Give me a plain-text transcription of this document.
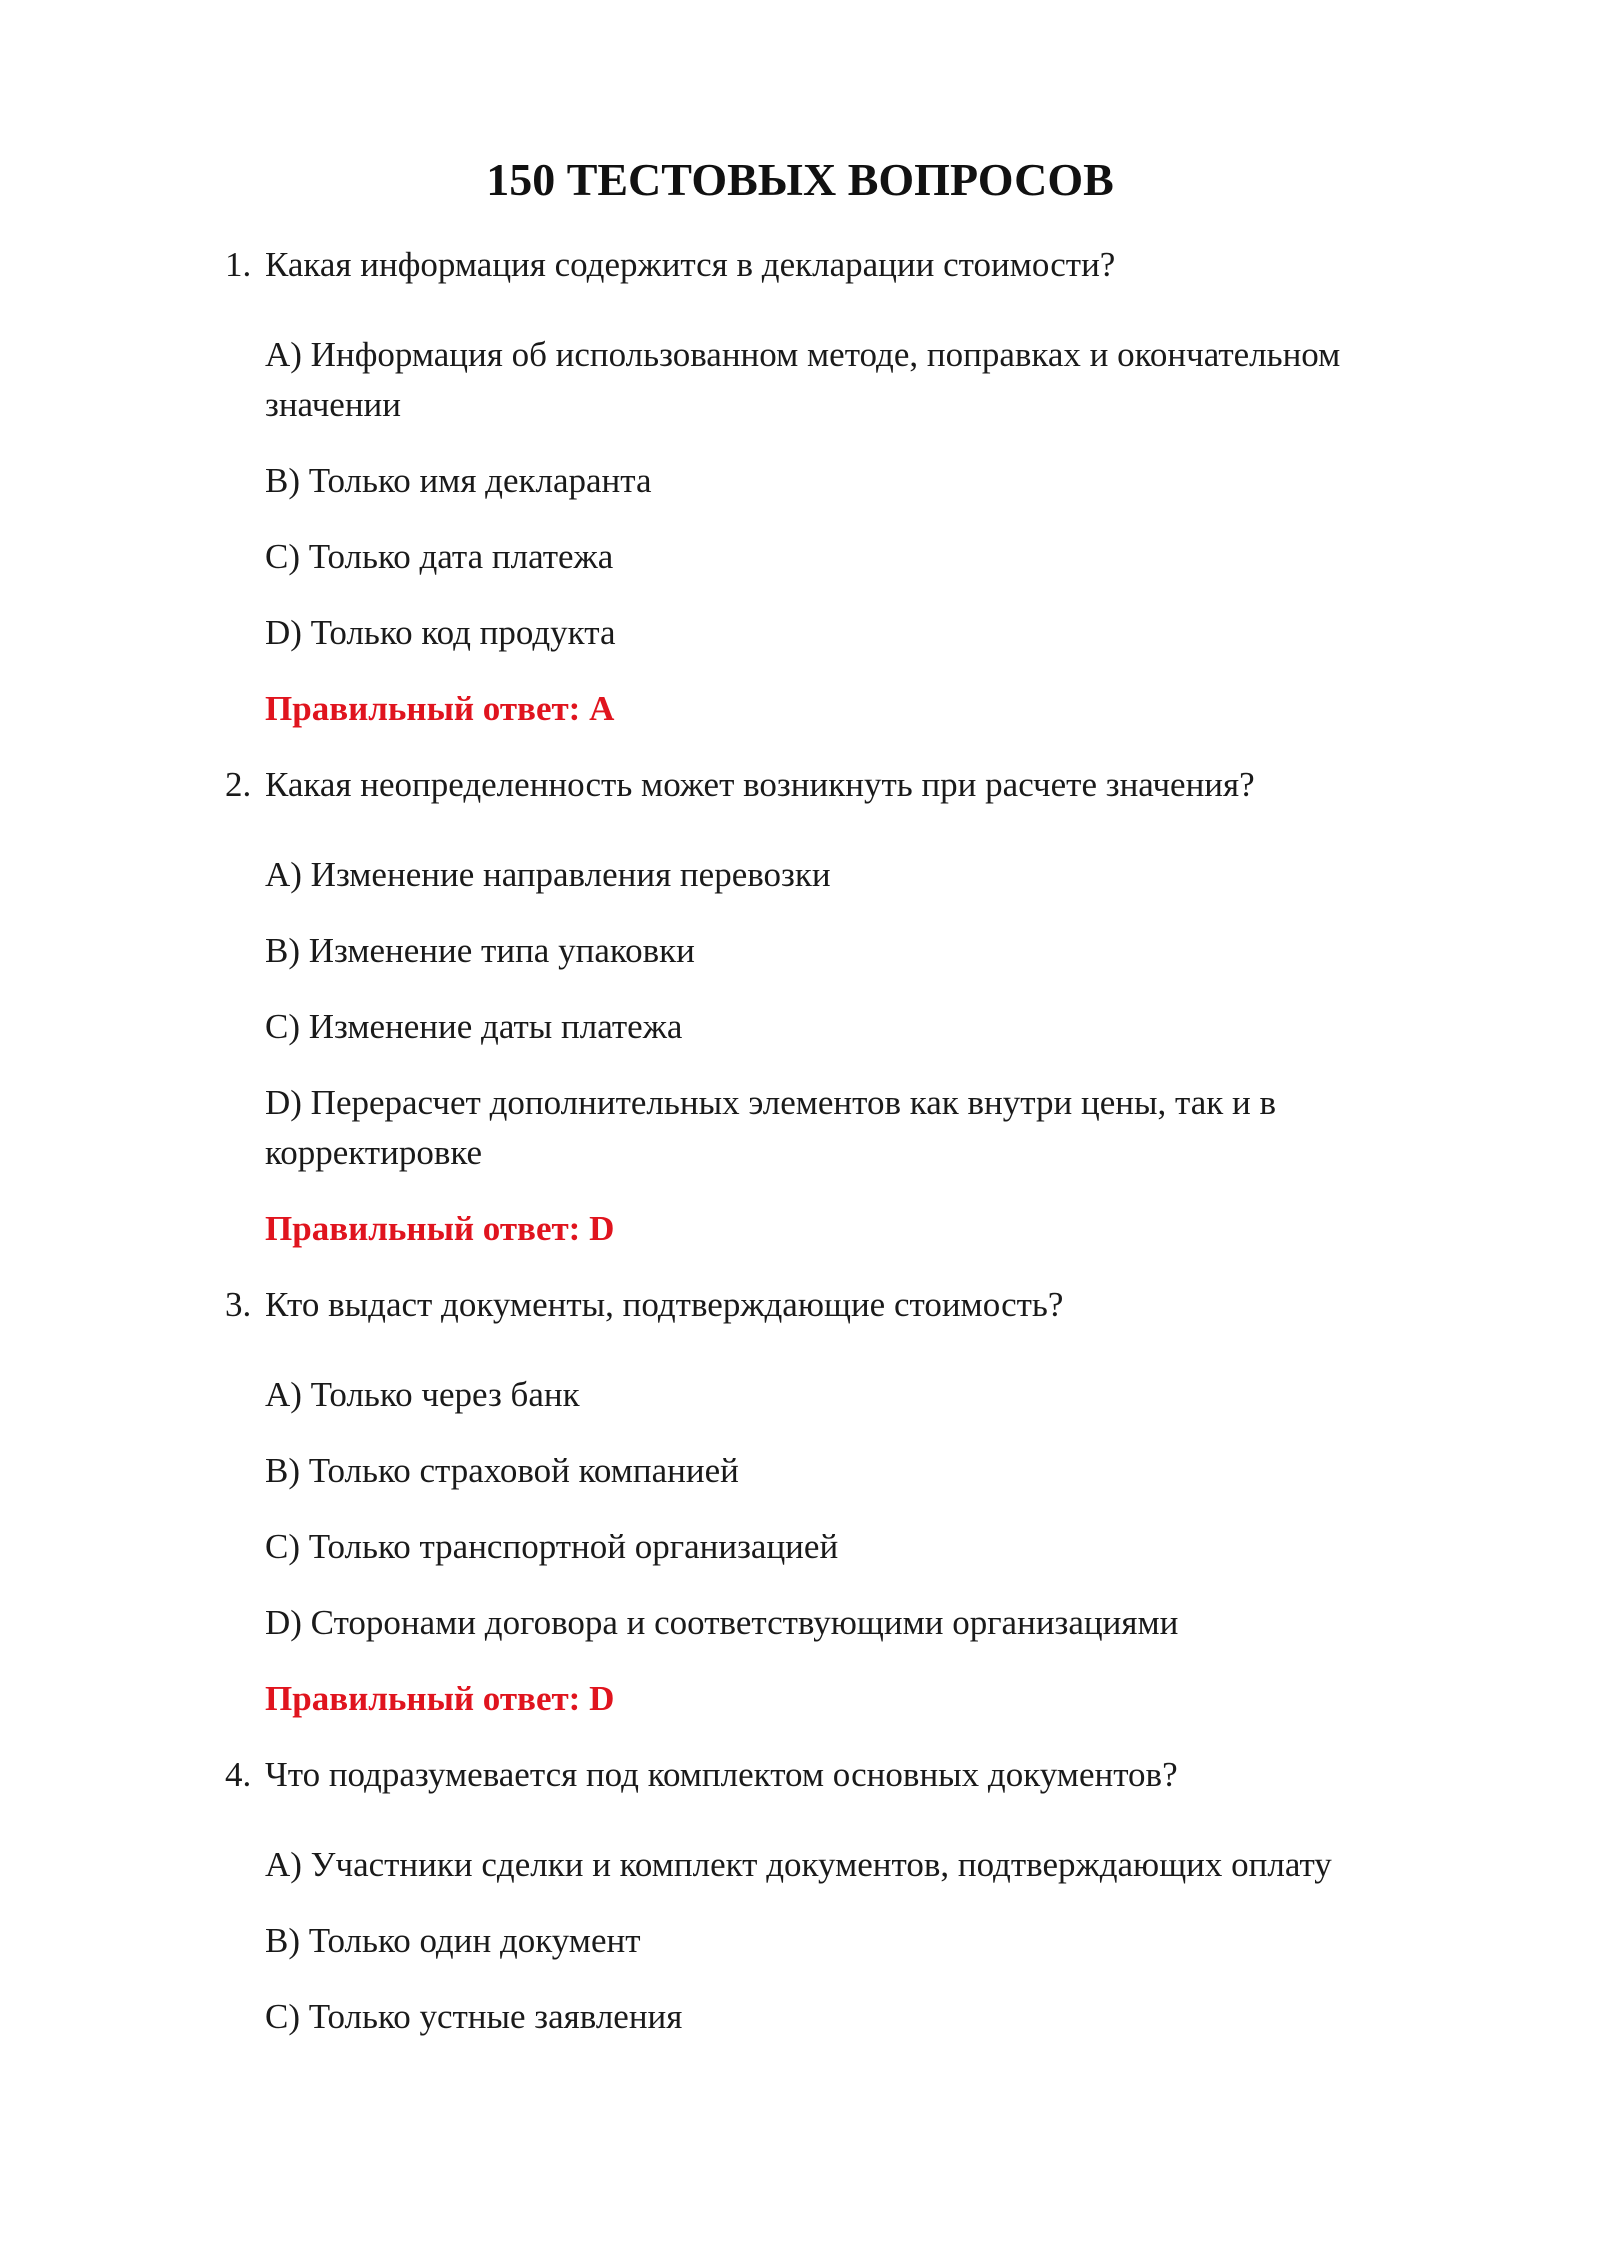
150 ТЕСТОВЫХ ВОПРОСОВ
1. Какая информация содержится в декларации стоимости?
A) Информация об использованном методе, поправках и окончательном значении
B) Только имя декларанта
C) Только дата платежа
D) Только код продукта
Правильный ответ: A
2. Какая неопределенность может возникнуть при расчете значения?
A) Изменение направления перевозки
B) Изменение типа упаковки
C) Изменение даты платежа
D) Перерасчет дополнительных элементов как внутри цены, так и в корректировке
Правильный ответ: D
3. Кто выдаст документы, подтверждающие стоимость?
A) Только через банк
B) Только страховой компанией
C) Только транспортной организацией
D) Сторонами договора и соответствующими организациями
Правильный ответ: D
4. Что подразумевается под комплектом основных документов?
A) Участники сделки и комплект документов, подтверждающих оплату
B) Только один документ
C) Только устные заявления
